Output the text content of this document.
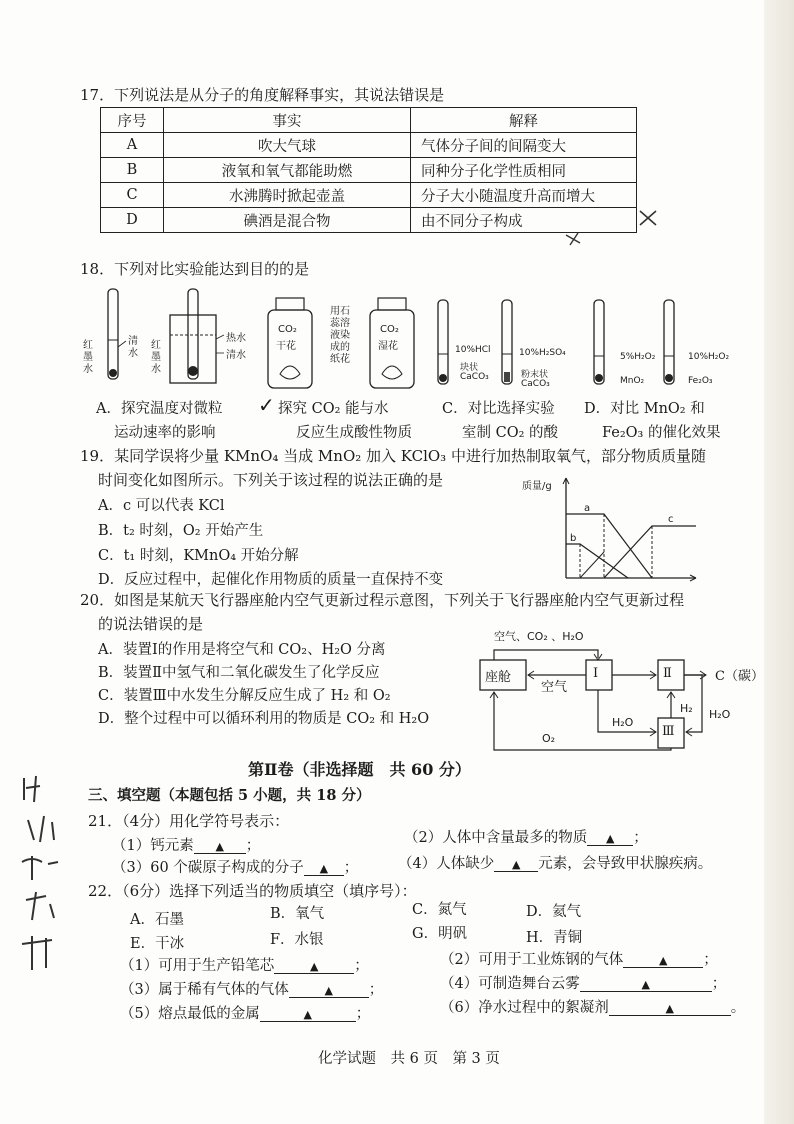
17．下列说法是从分子的角度解释事实，其说法错误是
序号	事实	解释
A	吹大气球	气体分子间的间隔变大
B	液氧和氧气都能助燃	同种分子化学性质相同
C	水沸腾时掀起壶盖	分子大小随温度升高而增大
D	碘酒是混合物	由不同分子构成
18．下列对比实验能达到目的的是
红
墨
水
清
水
红
墨
水
热水
清水
CO₂
干花
用石
蕊溶
液染
成的
纸花
CO₂
湿花	10%HCl
块状
CaCO₃
10%H₂SO₄
粉末状
CaCO₃
5%H₂O₂
MnO₂
10%H₂O₂
Fe₂O₃
A．探究温度对微粒
运动速率的影响
✓ 探究 CO₂ 能与水
反应生成酸性物质
C．对比选择实验
室制 CO₂ 的酸
D．对比 MnO₂ 和
Fe₂O₃ 的催化效果
19．某同学误将少量 KMnO₄ 当成 MnO₂ 加入 KClO₃ 中进行加热制取氧气，部分物质质量随
时间变化如图所示。下列关于该过程的说法正确的是
A．c 可以代表 KCl
B．t₂ 时刻，O₂ 开始产生
C．t₁ 时刻，KMnO₄ 开始分解
D．反应过程中，起催化作用物质的质量一直保持不变
质量/g
a
b
c
20．如图是某航天飞行器座舱内空气更新过程示意图，下列关于飞行器座舱内空气更新过程
的说法错误的是
A．装置Ⅰ的作用是将空气和 CO₂、H₂O 分离
B．装置Ⅱ中氢气和二氧化碳发生了化学反应
C．装置Ⅲ中水发生分解反应生成了 H₂ 和 O₂
D．整个过程中可以循环利用的物质是 CO₂ 和 H₂O
空气、CO₂ 、H₂O
座舱
空气
I	Ⅱ
Ⅲ
C（碳）
H₂O
H₂ H₂O
O₂
第Ⅱ卷（非选择题　共 60 分）
三、填空题（本题包括 5 小题，共 18 分）
21．（4分）用化学符号表示：
（1）钙元素 ▲ ；	（2）人体中含量最多的物质 ▲ ；
（3）60 个碳原子构成的分子 ▲ ；	（4）人体缺少 ▲ 元素，会导致甲状腺疾病。
22．（6分）选择下列适当的物质填空（填序号）：
A．石墨	B．氧气	C．氮气	D．氦气
E．干冰	F．水银	G．明矾	H．青铜
（1）可用于生产铅笔芯	▲ ；	（2）可用于工业炼钢的气体	▲ ；
（3）属于稀有气体的气体	▲ ；	（4）可制造舞台云雾	▲	；
（5）熔点最低的金属	▲	；	（6）净水过程中的絮凝剂	▲	。
化学试题　共 6 页　第 3 页
